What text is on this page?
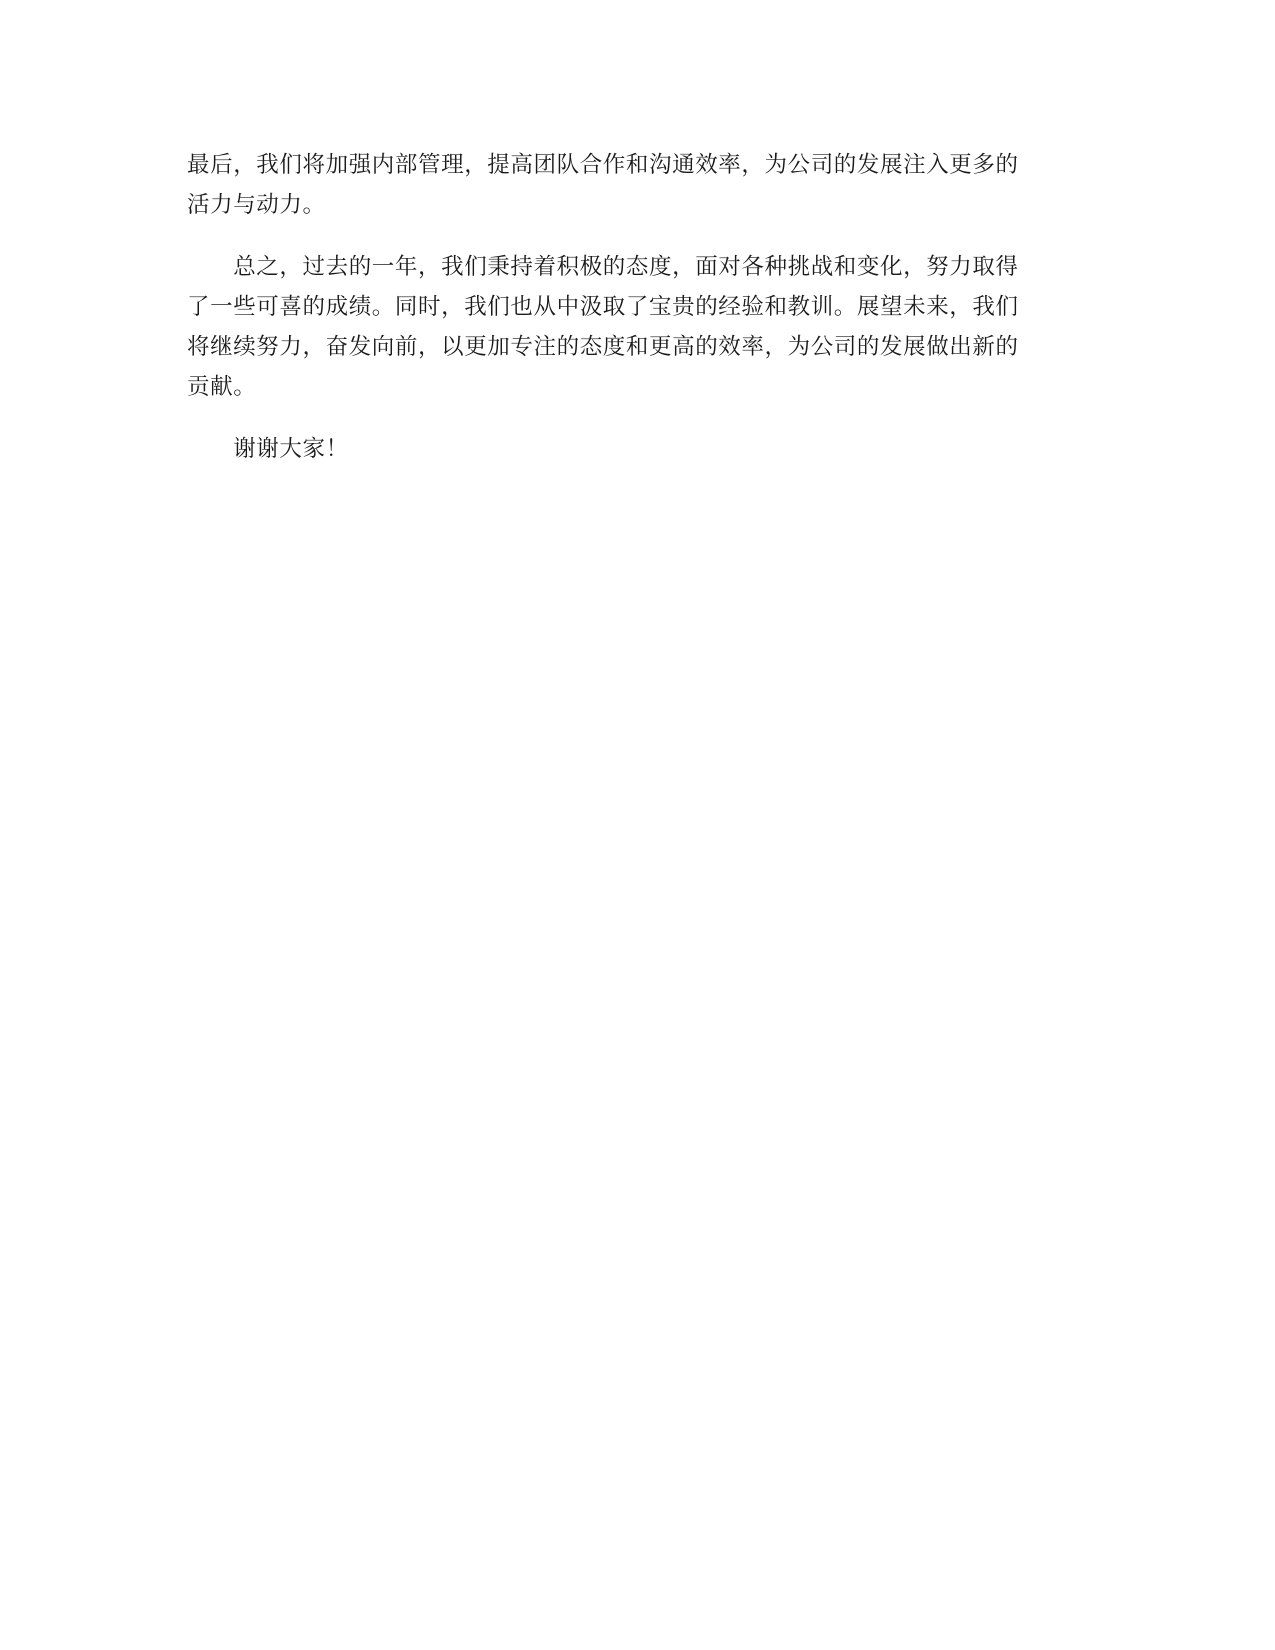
最后，我们将加强内部管理，提高团队合作和沟通效率，为公司的发展注入更多的
活力与动力。

　　总之，过去的一年，我们秉持着积极的态度，面对各种挑战和变化，努力取得
了一些可喜的成绩。同时，我们也从中汲取了宝贵的经验和教训。展望未来，我们
将继续努力，奋发向前，以更加专注的态度和更高的效率，为公司的发展做出新的
贡献。

　　谢谢大家！
